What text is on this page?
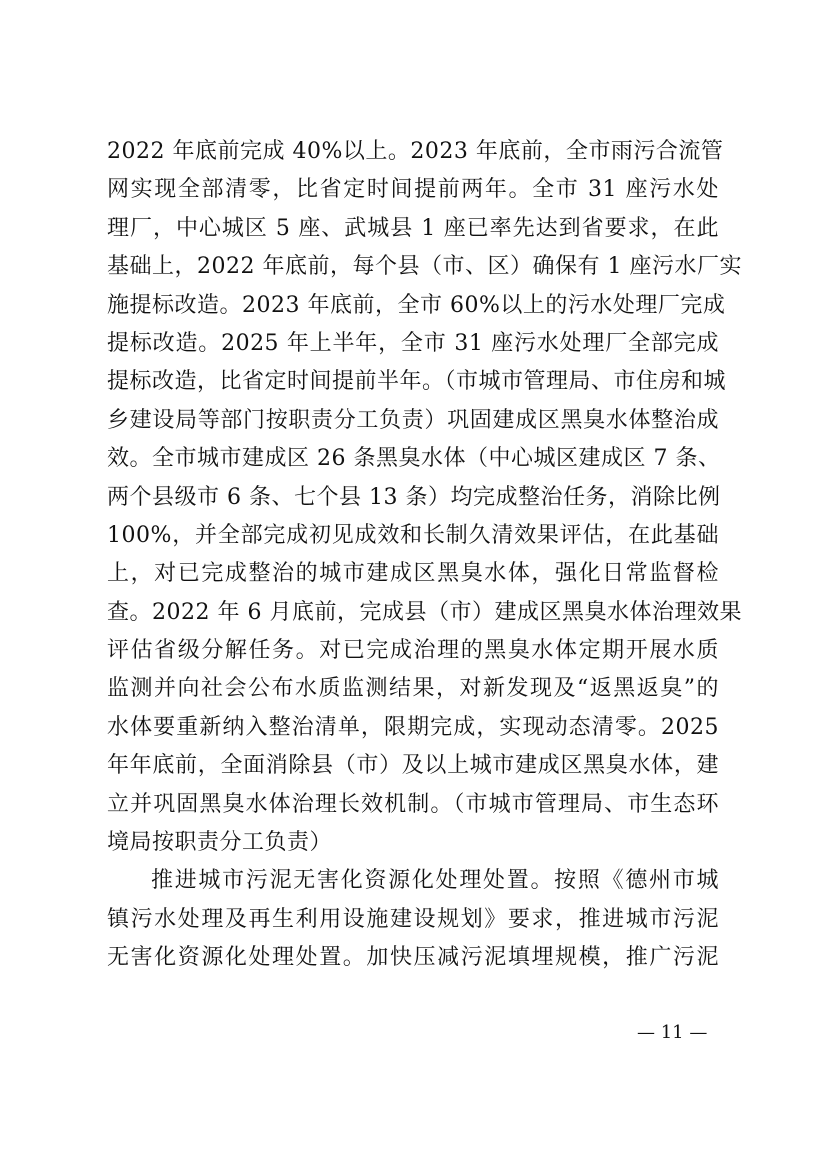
2022 年底前完成 40%以上。2023 年底前，全市雨污合流管
网实现全部清零，比省定时间提前两年。全市 31 座污水处
理厂，中心城区 5 座、武城县 1 座已率先达到省要求，在此
基础上，2022 年底前，每个县（市、区）确保有 1 座污水厂实
施提标改造。2023 年底前，全市 60%以上的污水处理厂完成
提标改造。2025 年上半年，全市 31 座污水处理厂全部完成
提标改造，比省定时间提前半年。（市城市管理局、市住房和城
乡建设局等部门按职责分工负责）巩固建成区黑臭水体整治成
效。全市城市建成区 26 条黑臭水体（中心城区建成区 7 条、
两个县级市 6 条、七个县 13 条）均完成整治任务，消除比例
100%，并全部完成初见成效和长制久清效果评估，在此基础
上，对已完成整治的城市建成区黑臭水体，强化日常监督检
查。2022 年 6 月底前，完成县（市）建成区黑臭水体治理效果
评估省级分解任务。对已完成治理的黑臭水体定期开展水质
监测并向社会公布水质监测结果，对新发现及“返黑返臭”的
水体要重新纳入整治清单，限期完成，实现动态清零。2025
年年底前，全面消除县（市）及以上城市建成区黑臭水体，建
立并巩固黑臭水体治理长效机制。（市城市管理局、市生态环
境局按职责分工负责）
推进城市污泥无害化资源化处理处置。按照《德州市城
镇污水处理及再生利用设施建设规划》要求，推进城市污泥
无害化资源化处理处置。加快压减污泥填埋规模，推广污泥
— 11 —
